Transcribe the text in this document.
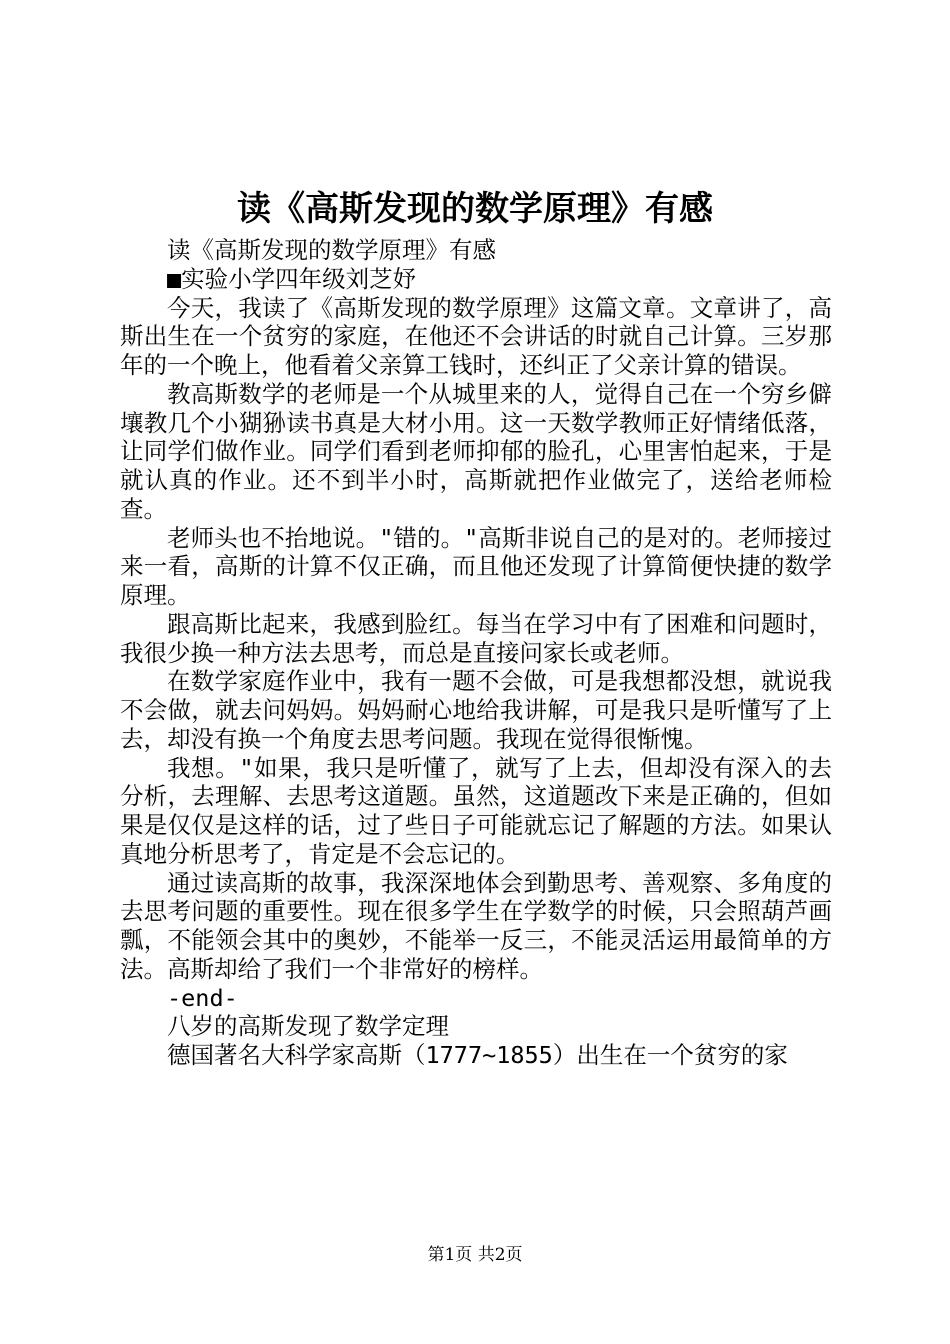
读《高斯发现的数学原理》有感

读《高斯发现的数学原理》有感

■实验小学四年级刘芝妤

今天，我读了《高斯发现的数学原理》这篇文章。文章讲了，高斯出生在一个贫穷的家庭，在他还不会讲话的时就自己计算。三岁那年的一个晚上，他看着父亲算工钱时，还纠正了父亲计算的错误。

教高斯数学的老师是一个从城里来的人，觉得自己在一个穷乡僻壤教几个小猢狲读书真是大材小用。这一天数学教师正好情绪低落，让同学们做作业。同学们看到老师抑郁的脸孔，心里害怕起来，于是就认真的作业。还不到半小时，高斯就把作业做完了，送给老师检查。

老师头也不抬地说。"错的。"高斯非说自己的是对的。老师接过来一看，高斯的计算不仅正确，而且他还发现了计算简便快捷的数学原理。

跟高斯比起来，我感到脸红。每当在学习中有了困难和问题时，我很少换一种方法去思考，而总是直接问家长或老师。

在数学家庭作业中，我有一题不会做，可是我想都没想，就说我不会做，就去问妈妈。妈妈耐心地给我讲解，可是我只是听懂写了上去，却没有换一个角度去思考问题。我现在觉得很惭愧。

我想。"如果，我只是听懂了，就写了上去，但却没有深入的去分析，去理解、去思考这道题。虽然，这道题改下来是正确的，但如果是仅仅是这样的话，过了些日子可能就忘记了解题的方法。如果认真地分析思考了，肯定是不会忘记的。

通过读高斯的故事，我深深地体会到勤思考、善观察、多角度的去思考问题的重要性。现在很多学生在学数学的时候，只会照葫芦画瓢，不能领会其中的奥妙，不能举一反三，不能灵活运用最简单的方法。高斯却给了我们一个非常好的榜样。

-end-

八岁的高斯发现了数学定理

德国著名大科学家高斯（1777~1855）出生在一个贫穷的家

第1页 共2页
